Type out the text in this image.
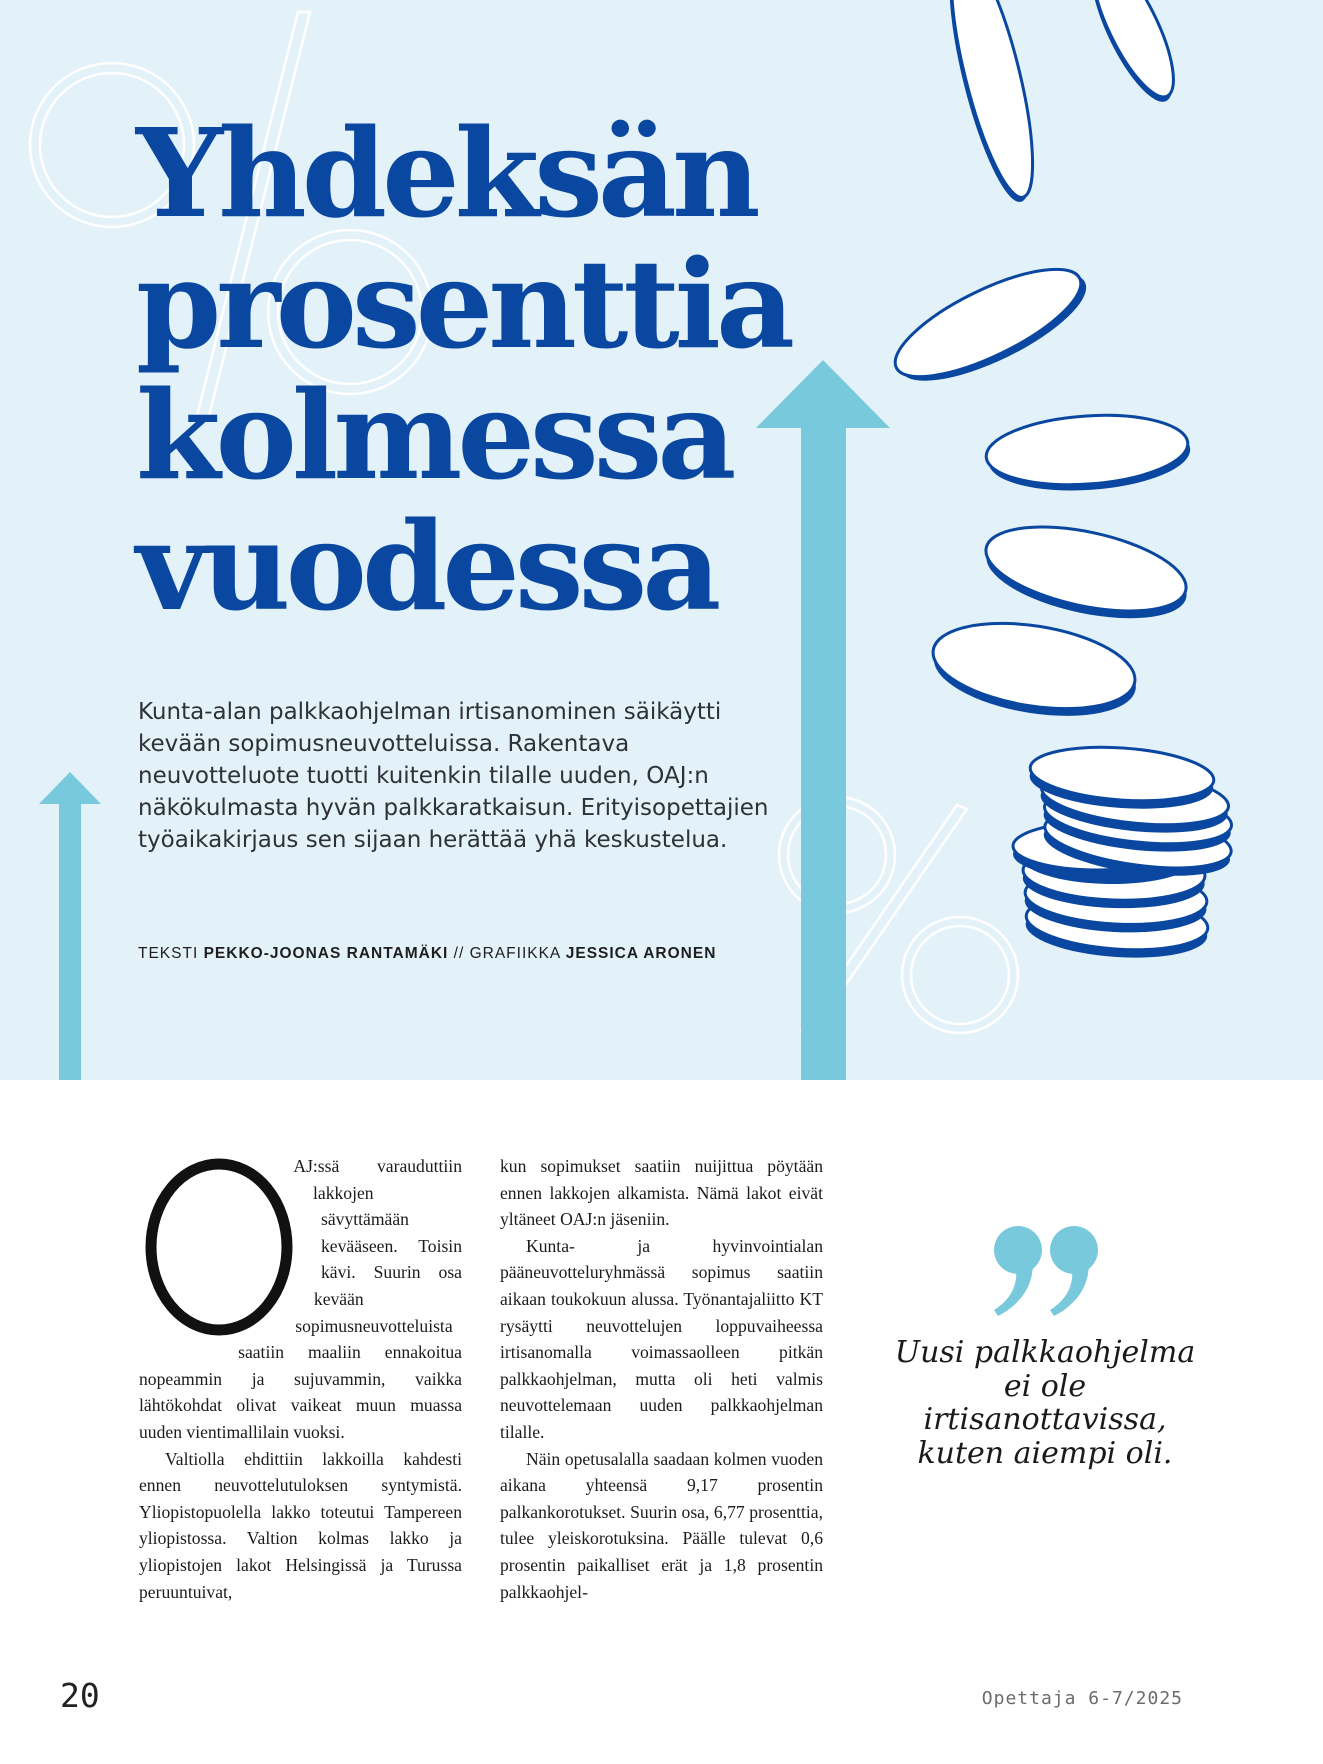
Yhdeksän
prosenttia
kolmessa
vuodessa

Kunta-alan palkkaohjelman irtisanominen säikäytti kevään sopimusneuvotteluissa. Rakentava neuvotteluote tuotti kuitenkin tilalle uuden, OAJ:n näkökulmasta hyvän palkkaratkaisun. Erityisopettajien työaikakirjaus sen sijaan herättää yhä keskustelua.

TEKSTI PEKKO-JOONAS RANTAMÄKI // GRAFIIKKA JESSICA ARONEN

O

AJ:ssä varauduttiin lakkojen sävyttämään kevääseen. Toisin kävi. Suurin osa kevään sopimusneuvotteluista saatiin maaliin ennakoitua nopeammin ja sujuvammin, vaikka lähtökohdat olivat vaikeat muun muassa uuden vientimallilain vuoksi.

Valtiolla ehdittiin lakkoilla kahdesti ennen neuvottelutuloksen syntymistä. Yliopistopuolella lakko toteutui Tampereen yliopistossa. Valtion kolmas lakko ja yliopistojen lakot Helsingissä ja Turussa peruuntuivat,

kun sopimukset saatiin nuijittua pöytään ennen lakkojen alkamista. Nämä lakot eivät yltäneet OAJ:n jäseniin.

Kunta- ja hyvinvointialan pääneuvotteluryhmässä sopimus saatiin aikaan toukokuun alussa. Työnantajaliitto KT rysäytti neuvottelujen loppuvaiheessa irtisanomalla voimassaolleen pitkän palkkaohjelman, mutta oli heti valmis neuvottelemaan uuden palkkaohjelman tilalle.

Näin opetusalalla saadaan kolmen vuoden aikana yhteensä 9,17 prosentin palkankorotukset. Suurin osa, 6,77 prosenttia, tulee yleiskorotuksina. Päälle tulevat 0,6 prosentin paikalliset erät ja 1,8 prosentin palkkaohjel-

Uusi palkkaohjelma ei ole irtisanottavissa, kuten aiempi oli.

20	Opettaja 6-7/2025
